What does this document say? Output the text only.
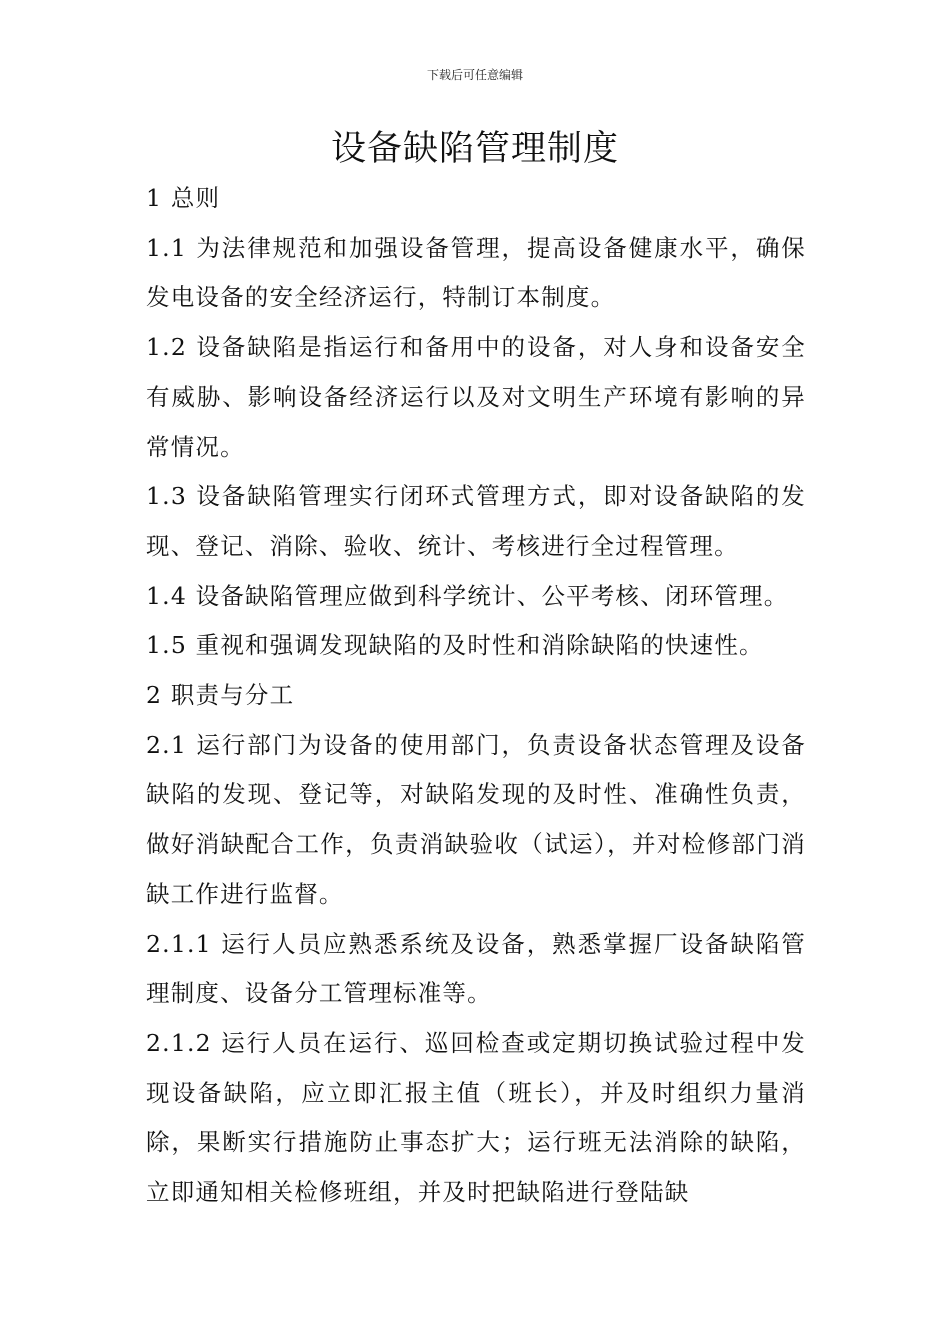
下载后可任意编辑
设备缺陷管理制度

1 总则

1.1 为法律规范和加强设备管理，提高设备健康水平，确保发电设备的安全经济运行，特制订本制度。

1.2 设备缺陷是指运行和备用中的设备，对人身和设备安全有威胁、影响设备经济运行以及对文明生产环境有影响的异常情况。

1.3 设备缺陷管理实行闭环式管理方式，即对设备缺陷的发现、登记、消除、验收、统计、考核进行全过程管理。

1.4 设备缺陷管理应做到科学统计、公平考核、闭环管理。

1.5 重视和强调发现缺陷的及时性和消除缺陷的快速性。

2 职责与分工

2.1 运行部门为设备的使用部门，负责设备状态管理及设备缺陷的发现、登记等，对缺陷发现的及时性、准确性负责，做好消缺配合工作，负责消缺验收（试运），并对检修部门消缺工作进行监督。

2.1.1 运行人员应熟悉系统及设备，熟悉掌握厂设备缺陷管理制度、设备分工管理标准等。

2.1.2 运行人员在运行、巡回检查或定期切换试验过程中发现设备缺陷，应立即汇报主值（班长），并及时组织力量消除，果断实行措施防止事态扩大；运行班无法消除的缺陷，立即通知相关检修班组，并及时把缺陷进行登陆缺
